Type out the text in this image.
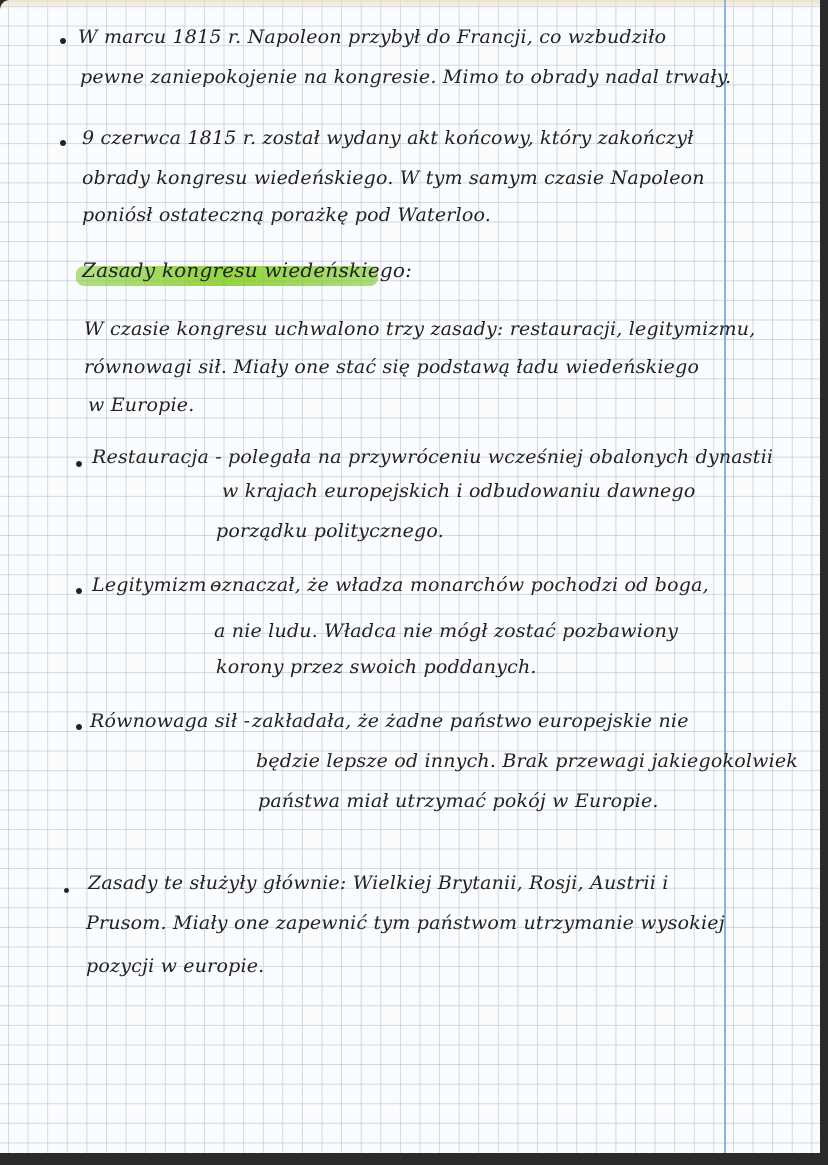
W marcu 1815 r. Napoleon przybył do Francji, co wzbudziło
pewne zaniepokojenie na kongresie. Mimo to obrady nadal trwały.
9 czerwca 1815 r. został wydany akt końcowy, który zakończył
obrady kongresu wiedeńskiego. W tym samym czasie Napoleon
poniósł ostateczną porażkę pod Waterloo.
Zasady kongresu wiedeńskiego:
W czasie kongresu uchwalono trzy zasady: restauracji, legitymizmu,
równowagi sił. Miały one stać się podstawą ładu wiedeńskiego
w Europie.
Restauracja - polegała na przywróceniu wcześniej obalonych dynastii
w krajach europejskich i odbudowaniu dawnego
porządku politycznego.
Legitymizm -
oznaczał, że władza monarchów pochodzi od boga,
a nie ludu. Władca nie mógł zostać pozbawiony
korony przez swoich poddanych.
Równowaga sił - zakładała, że żadne państwo europejskie nie
będzie lepsze od innych. Brak przewagi jakiegokolwiek
państwa miał utrzymać pokój w Europie.
Zasady te służyły głównie: Wielkiej Brytanii, Rosji, Austrii i
Prusom. Miały one zapewnić tym państwom utrzymanie wysokiej
pozycji w europie.
